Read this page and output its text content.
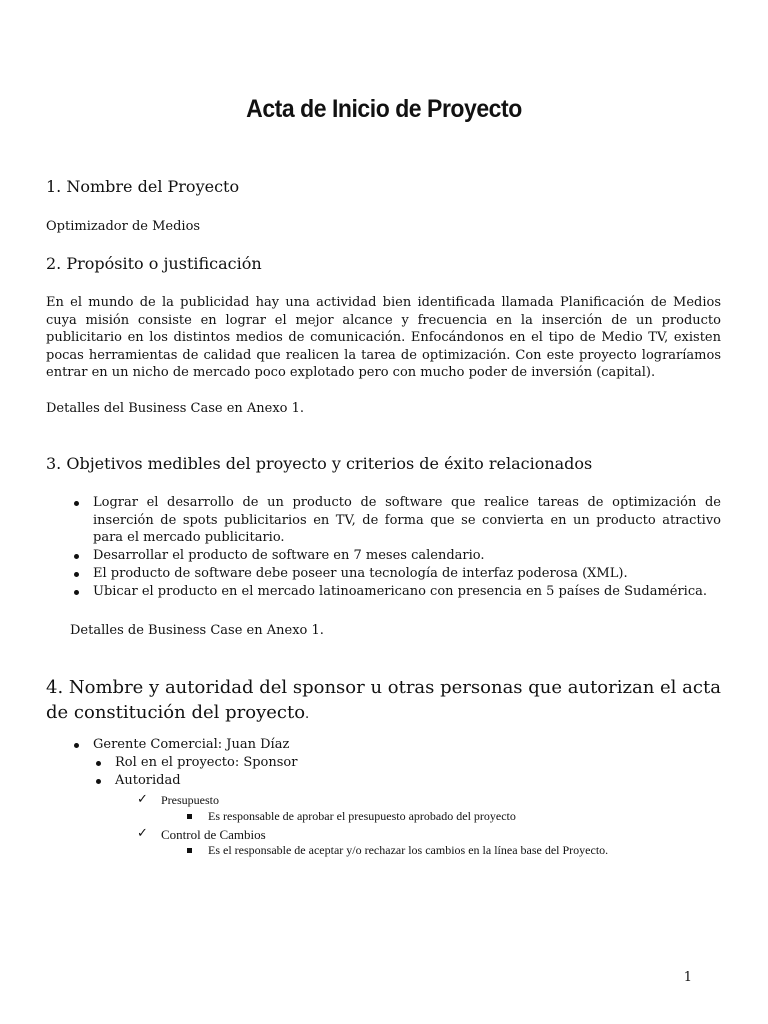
Acta de Inicio de Proyecto
1. Nombre del Proyecto
Optimizador de Medios
2. Propósito o justificación
En el mundo de la publicidad hay una actividad bien identificada llamada Planificación de Medios cuya misión consiste en lograr el mejor alcance y frecuencia en la inserción de un producto publicitario en los distintos medios de comunicación. Enfocándonos en el tipo de Medio TV, existen pocas herramientas de calidad que realicen la tarea de optimización. Con este proyecto lograríamos entrar en un nicho de mercado poco explotado pero con mucho poder de inversión (capital).
Detalles del Business Case en Anexo 1.
3. Objetivos medibles del proyecto y criterios de éxito relacionados
Lograr el desarrollo de un producto de software que realice tareas de optimización de inserción de spots publicitarios en TV, de forma que se convierta en un producto atractivo para el mercado publicitario.
Desarrollar el producto de software en 7 meses calendario.
El producto de software debe poseer una tecnología de interfaz poderosa (XML).
Ubicar el producto en el mercado latinoamericano con presencia en 5 países de Sudamérica.
Detalles de Business Case en Anexo 1.
4. Nombre y autoridad del sponsor u otras personas que autorizan el acta de constitución del proyecto.
Gerente Comercial: Juan Díaz
Rol en el proyecto: Sponsor
Autoridad
✓ Presupuesto
Es responsable de aprobar el presupuesto aprobado del proyecto
✓ Control de Cambios
Es el responsable de aceptar y/o rechazar los cambios en la línea base del Proyecto.
1
